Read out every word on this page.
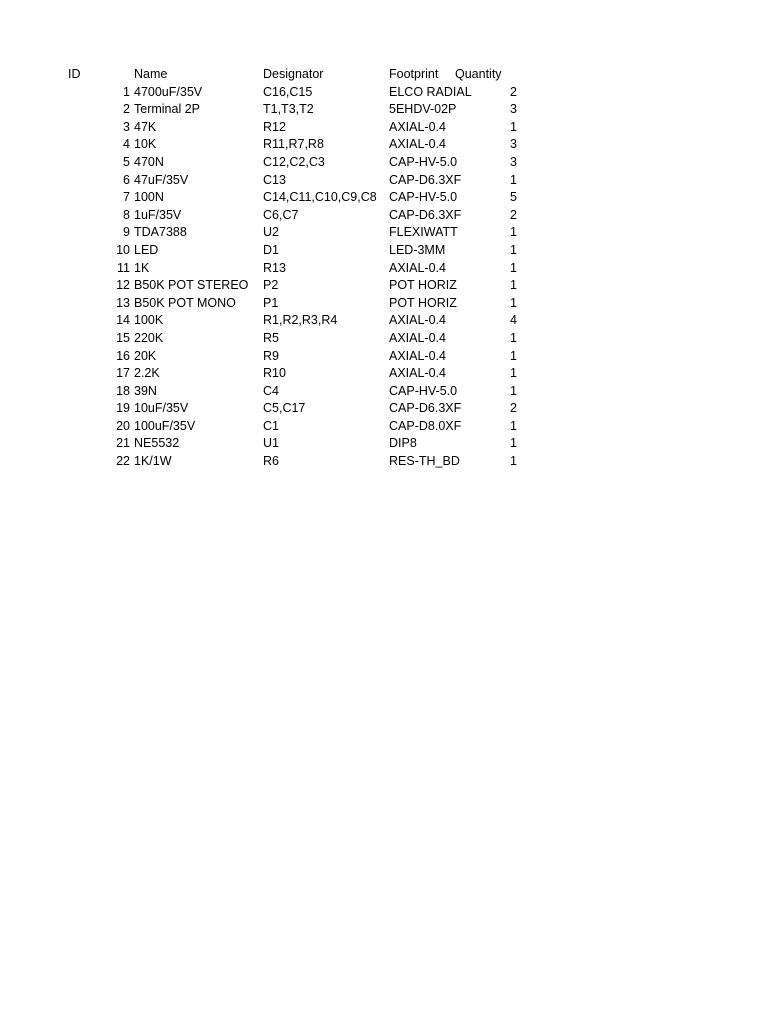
ID	Name	Designator	Footprint	Quantity
1 4700uF/35V	C16,C15	ELCO RADIAL	2
2 Terminal 2P	T1,T3,T2	5EHDV-02P	3
3 47K	R12	AXIAL-0.4	1
4 10K	R11,R7,R8	AXIAL-0.4	3
5 470N	C12,C2,C3	CAP-HV-5.0	3
6 47uF/35V	C13	CAP-D6.3XF	1
7 100N	C14,C11,C10,C9,C8 CAP-HV-5.0	5
8 1uF/35V	C6,C7	CAP-D6.3XF	2
9 TDA7388	U2	FLEXIWATT	1
10 LED	D1	LED-3MM	1
11 1K	R13	AXIAL-0.4	1
12 B50K POT STEREO	P2	POT HORIZ	1
13 B50K POT MONO	P1	POT HORIZ	1
14 100K	R1,R2,R3,R4	AXIAL-0.4	4
15 220K	R5	AXIAL-0.4	1
16 20K	R9	AXIAL-0.4	1
17 2.2K	R10	AXIAL-0.4	1
18 39N	C4	CAP-HV-5.0	1
19 10uF/35V	C5,C17	CAP-D6.3XF	2
20 100uF/35V	C1	CAP-D8.0XF	1
21 NE5532	U1	DIP8	1
22 1K/1W	R6	RES-TH_BD	1
